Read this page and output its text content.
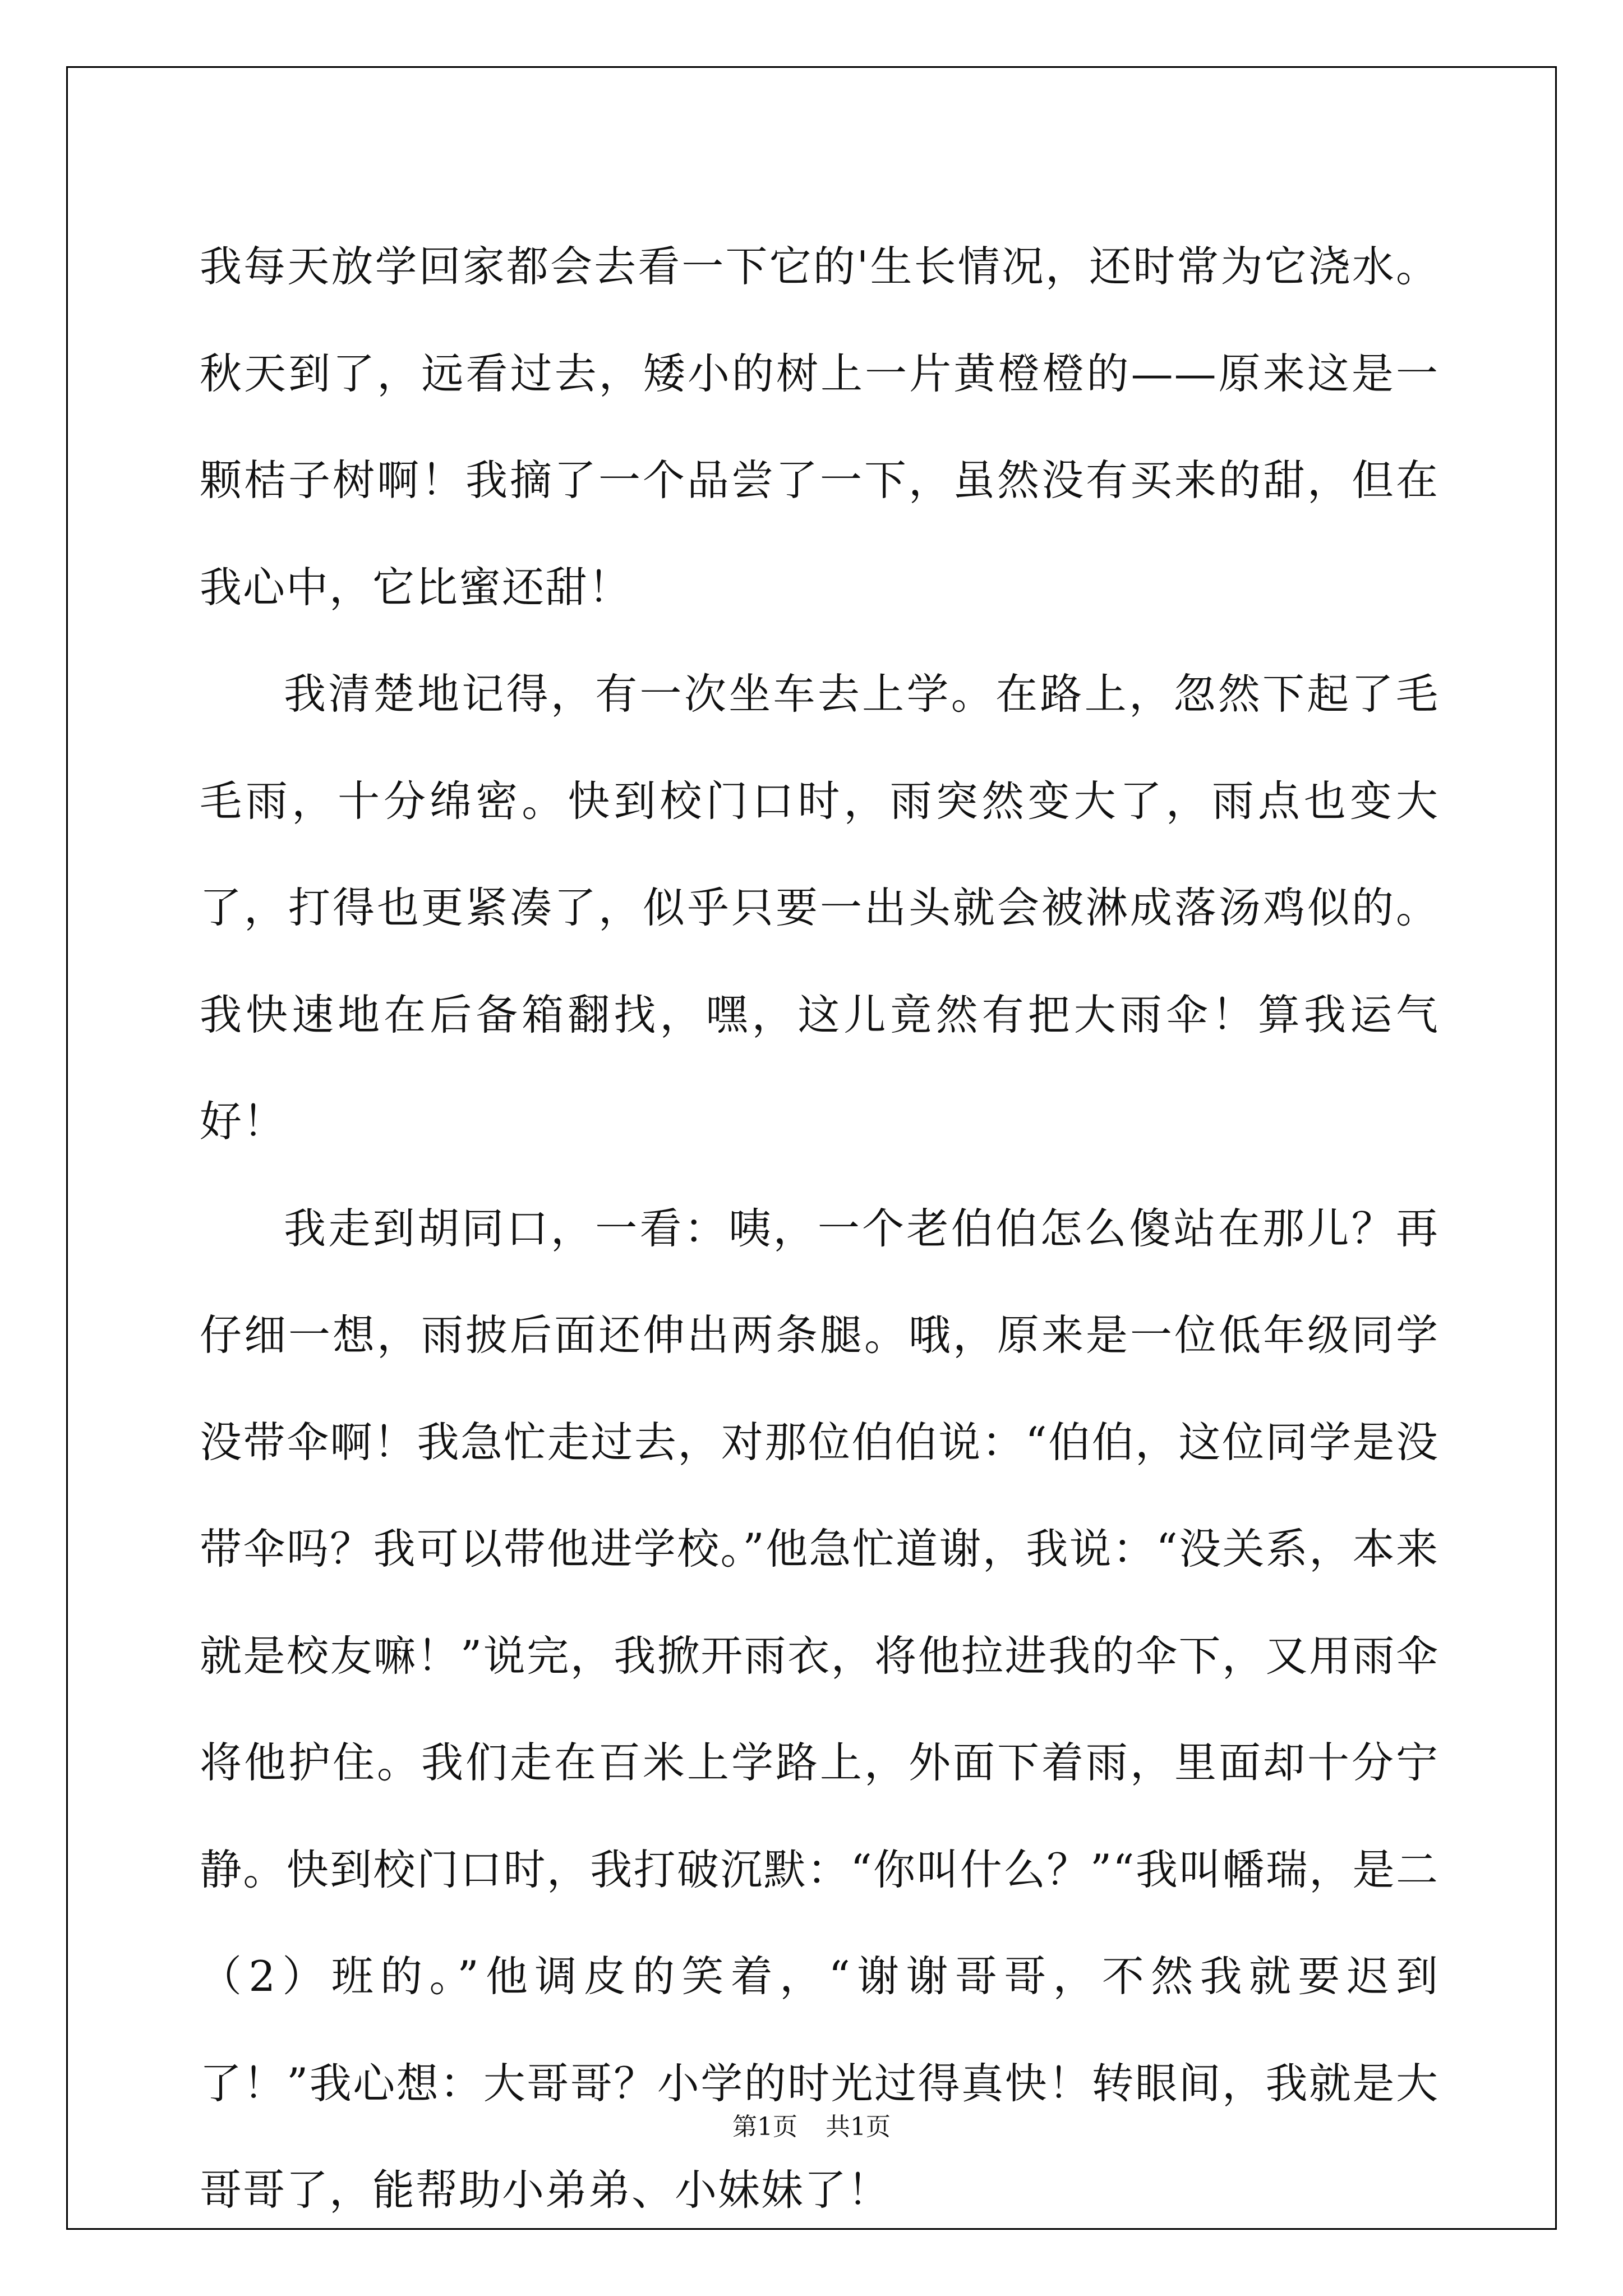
我每天放学回家都会去看一下它的'生长情况，还时常为它浇水。秋天到了，远看过去，矮小的树上一片黄橙橙的——原来这是一颗桔子树啊！我摘了一个品尝了一下，虽然没有买来的甜，但在我心中，它比蜜还甜！

我清楚地记得，有一次坐车去上学。在路上，忽然下起了毛毛雨，十分绵密。快到校门口时，雨突然变大了，雨点也变大了，打得也更紧凑了，似乎只要一出头就会被淋成落汤鸡似的。我快速地在后备箱翻找，嘿，这儿竟然有把大雨伞！算我运气好！

我走到胡同口，一看：咦，一个老伯伯怎么傻站在那儿？再仔细一想，雨披后面还伸出两条腿。哦，原来是一位低年级同学没带伞啊！我急忙走过去，对那位伯伯说：“伯伯，这位同学是没带伞吗？我可以带他进学校。”他急忙道谢，我说：“没关系，本来就是校友嘛！”说完，我掀开雨衣，将他拉进我的伞下，又用雨伞将他护住。我们走在百米上学路上，外面下着雨，里面却十分宁静。快到校门口时，我打破沉默：“你叫什么？”“我叫幡瑞，是二（2）班的。”他调皮的笑着，“谢谢哥哥，不然我就要迟到了！”我心想：大哥哥？小学的时光过得真快！转眼间，我就是大哥哥了，能帮助小弟弟、小妹妹了！

第1页 共1页
